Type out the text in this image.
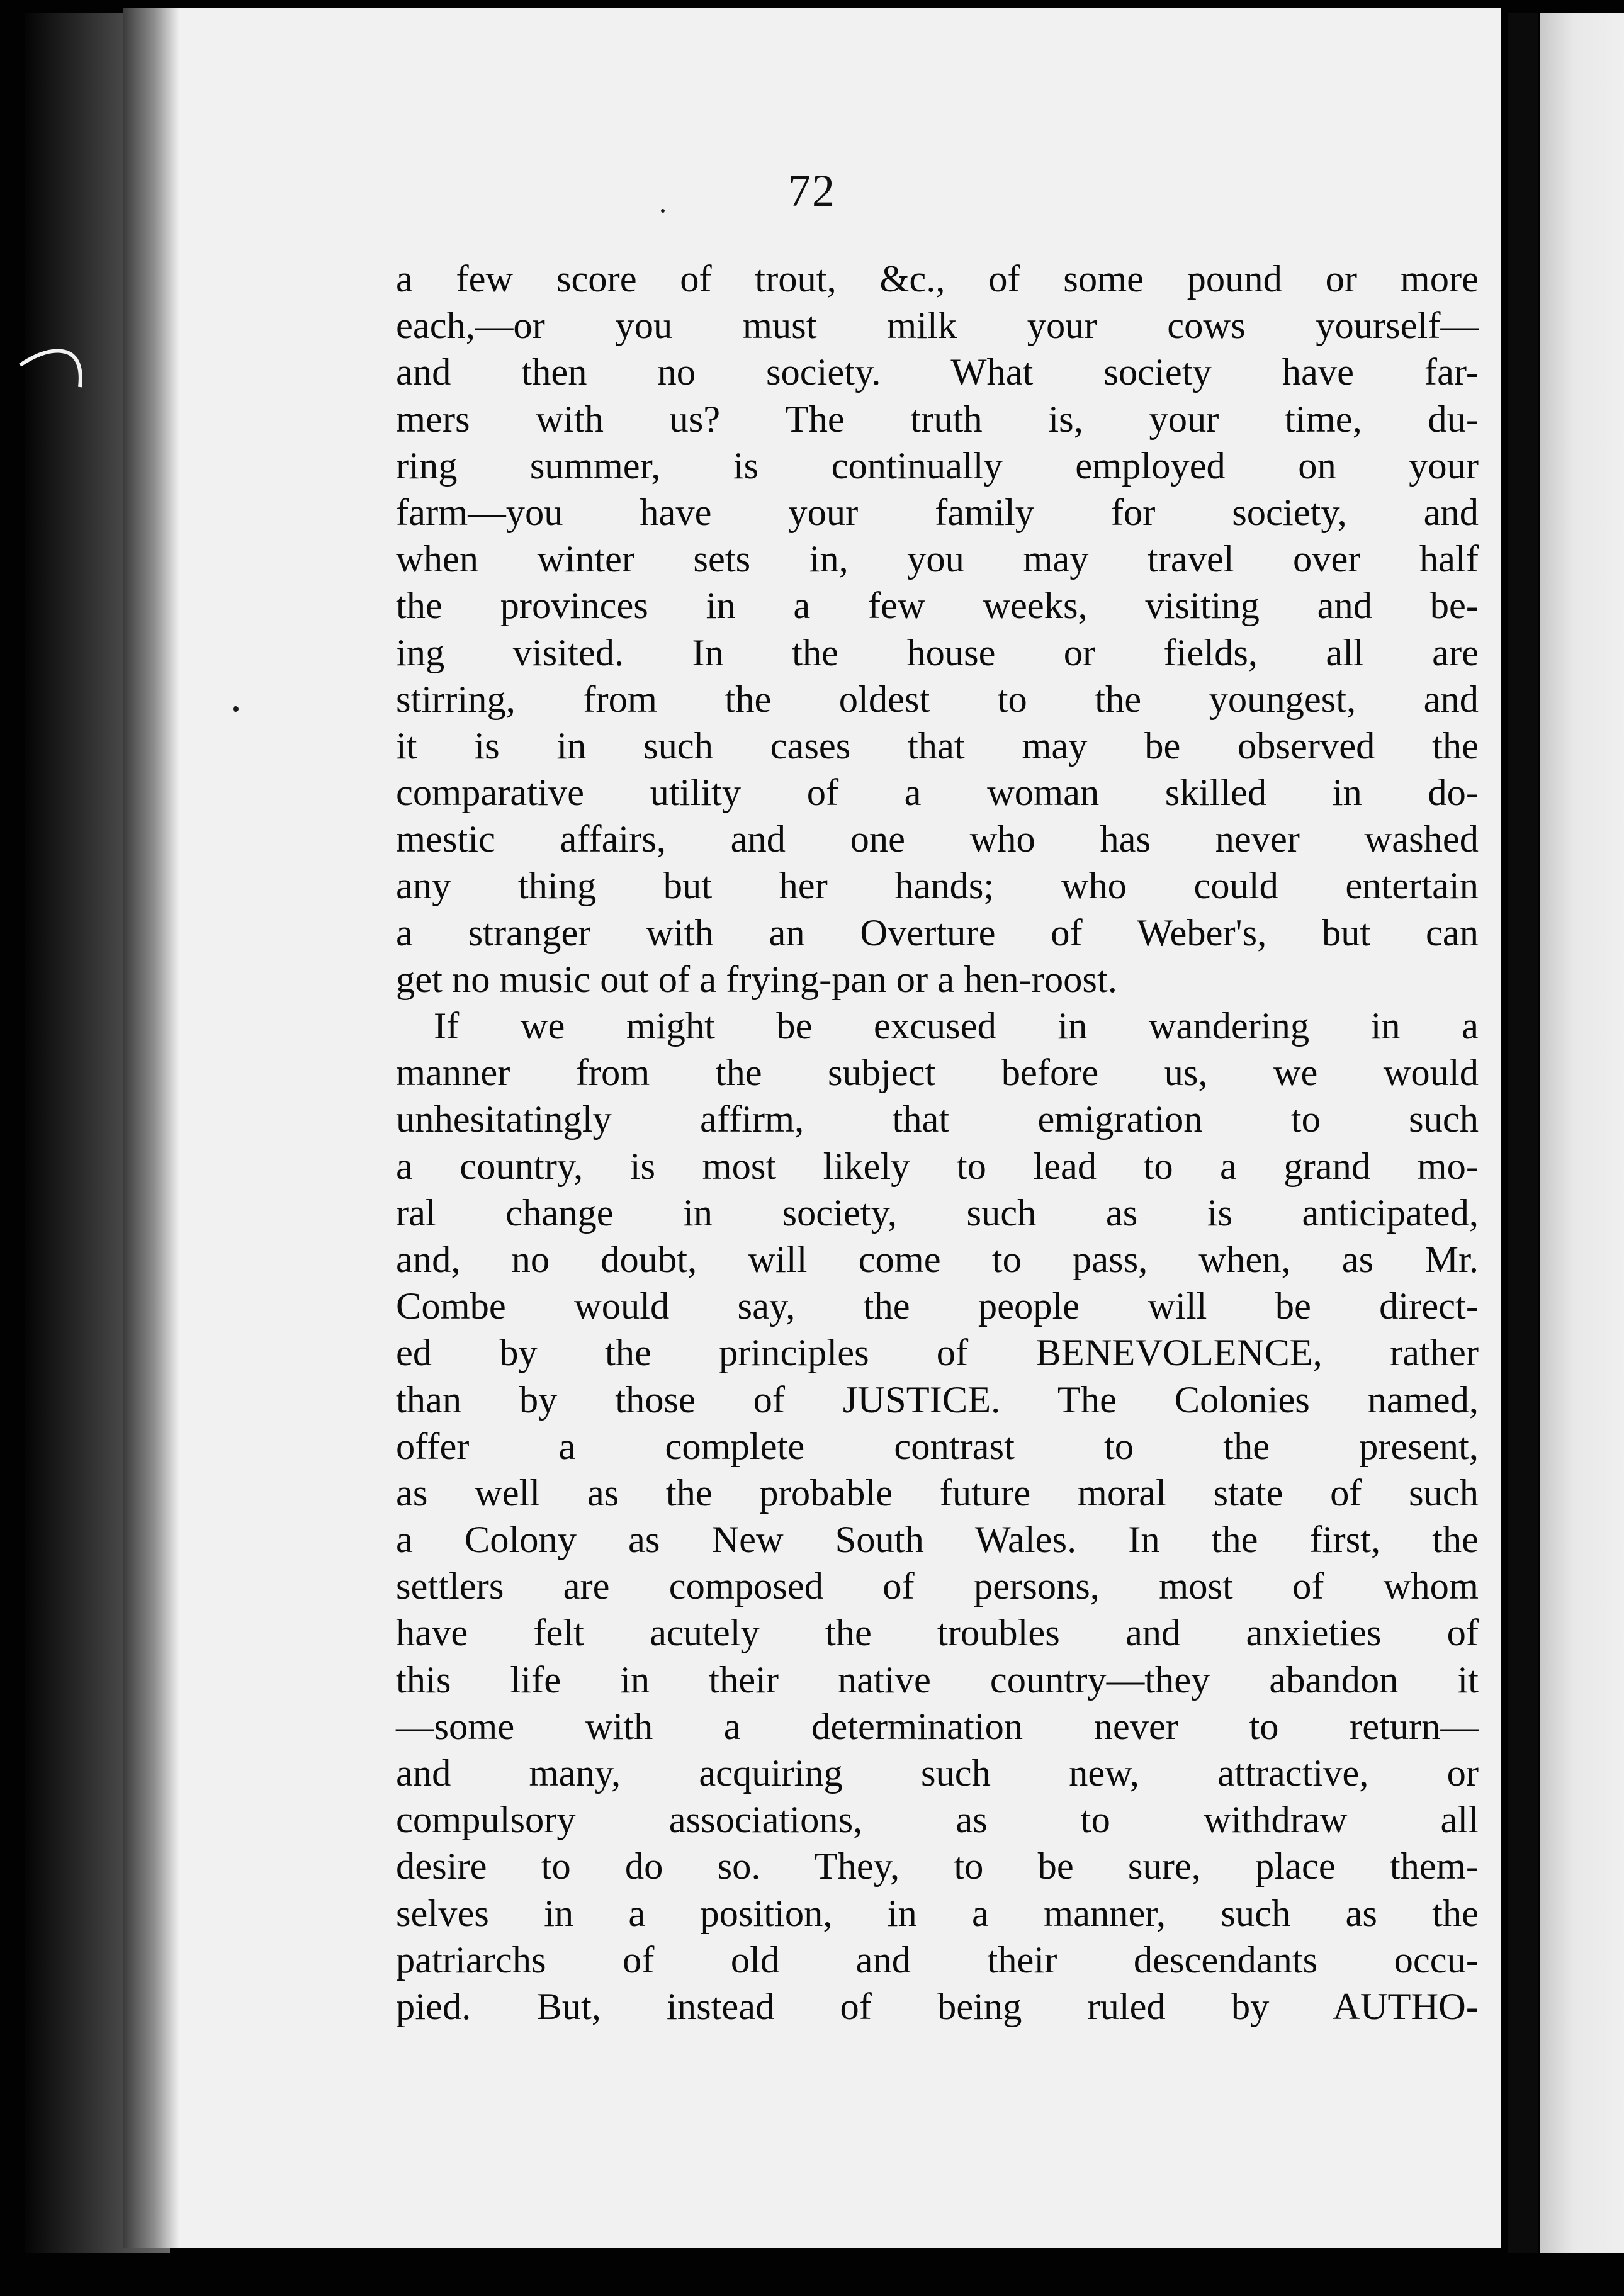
72
a few score of trout, &c., of some pound or more
each,—or you must milk your cows yourself—
and then no society. What society have far-
mers with us? The truth is, your time, du-
ring summer, is continually employed on your
farm—you have your family for society, and
when winter sets in, you may travel over half
the provinces in a few weeks, visiting and be-
ing visited. In the house or fields, all are
stirring, from the oldest to the youngest, and
it is in such cases that may be observed the
comparative utility of a woman skilled in do-
mestic affairs, and one who has never washed
any thing but her hands; who could entertain
a stranger with an Overture of Weber's, but can
get no music out of a frying-pan or a hen-roost.
If we might be excused in wandering in a
manner from the subject before us, we would
unhesitatingly affirm, that emigration to such
a country, is most likely to lead to a grand mo-
ral change in society, such as is anticipated,
and, no doubt, will come to pass, when, as Mr.
Combe would say, the people will be direct-
ed by the principles of BENEVOLENCE, rather
than by those of JUSTICE. The Colonies named,
offer a complete contrast to the present,
as well as the probable future moral state of such
a Colony as New South Wales. In the first, the
settlers are composed of persons, most of whom
have felt acutely the troubles and anxieties of
this life in their native country—they abandon it
—some with a determination never to return—
and many, acquiring such new, attractive, or
compulsory associations, as to withdraw all
desire to do so. They, to be sure, place them-
selves in a position, in a manner, such as the
patriarchs of old and their descendants occu-
pied. But, instead of being ruled by AUTHO-
